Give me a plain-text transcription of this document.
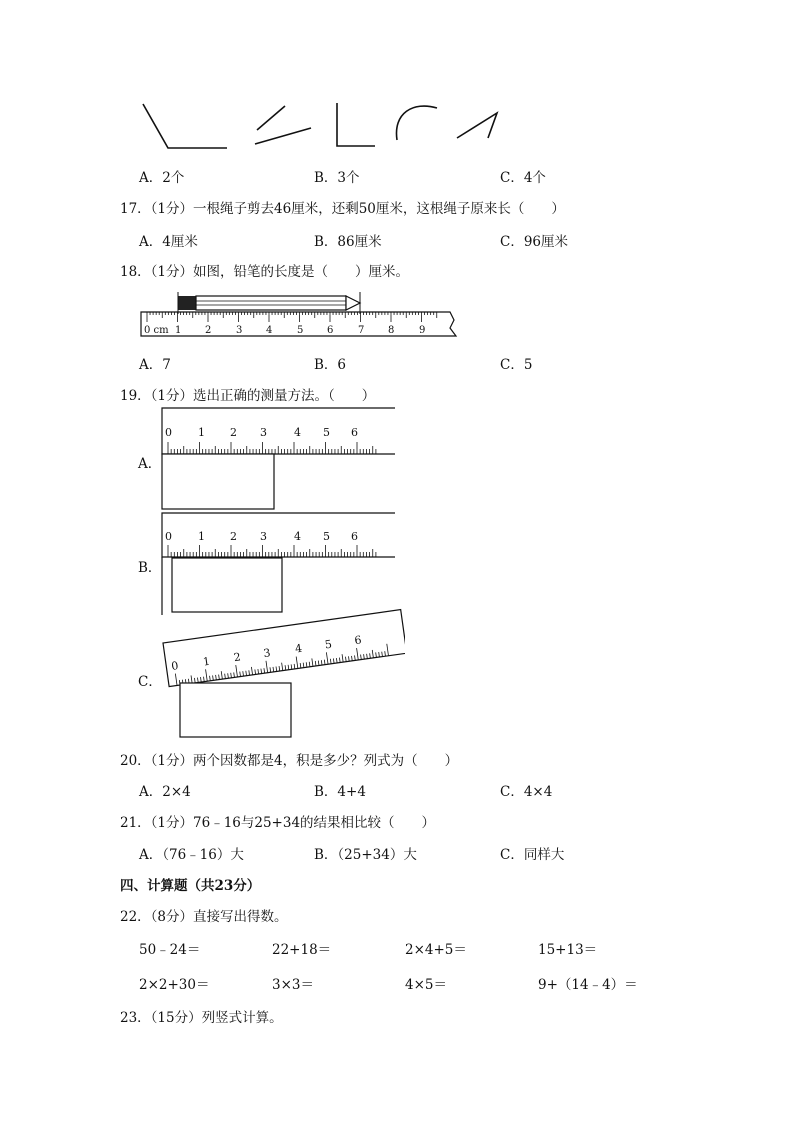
A．2个	B．3个	C．4个
17．（1分）一根绳子剪去46厘米，还剩50厘米，这根绳子原来长（　　）
A．4厘米	B．86厘米	C．96厘米
18．（1分）如图，铅笔的长度是（　　）厘米。
0 cm 1 2 3 4 5 6 7 8 9
A．7	B．6	C．5
19．（1分）选出正确的测量方法。（　　）
0 1 2 3 4 5 6
0 1 2 3 4 5 6
0 1 2 3 4 5 6
A．
B．
C．
20．（1分）两个因数都是4，积是多少？列式为（　　）
A．2×4	B．4+4	C．4×4
21．（1分）76﹣16与25+34的结果相比较（　　）
A．（76﹣16）大	B．（25+34）大	C．同样大
四、计算题（共23分）
22．（8分）直接写出得数。
50﹣24＝	22+18＝	2×4+5＝	15+13＝
2×2+30＝	3×3＝	4×5＝	9+（14﹣4）＝
23．（15分）列竖式计算。
